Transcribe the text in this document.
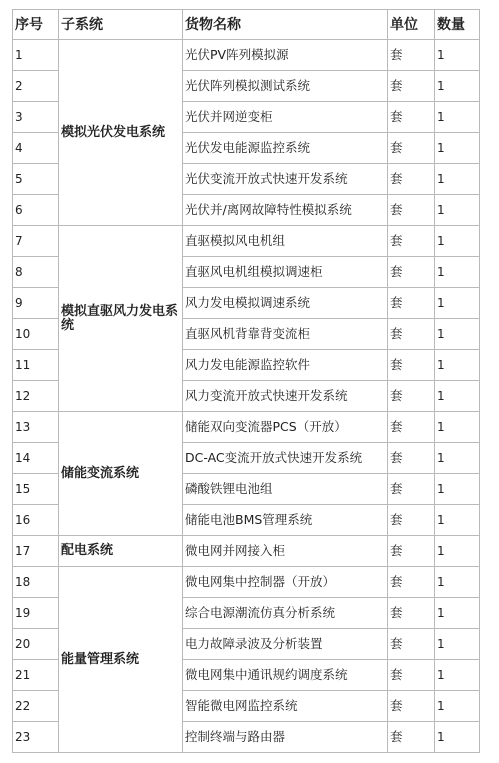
序号	子系统	货物名称	单位	数量
1	模拟光伏发电系统	光伏PV阵列模拟源	套	1
2		光伏阵列模拟测试系统	套	1
3		光伏并网逆变柜	套	1
4		光伏发电能源监控系统	套	1
5		光伏变流开放式快速开发系统	套	1
6		光伏并/离网故障特性模拟系统	套	1
7	模拟直驱风力发电系统	直驱模拟风电机组	套	1
8		直驱风电机组模拟调速柜	套	1
9		风力发电模拟调速系统	套	1
10		直驱风机背靠背变流柜	套	1
11		风力发电能源监控软件	套	1
12		风力变流开放式快速开发系统	套	1
13	储能变流系统	储能双向变流器PCS（开放）	套	1
14		DC-AC变流开放式快速开发系统	套	1
15		磷酸铁锂电池组	套	1
16		储能电池BMS管理系统	套	1
17	配电系统	微电网并网接入柜	套	1
18	能量管理系统	微电网集中控制器（开放）	套	1
19		综合电源潮流仿真分析系统	套	1
20		电力故障录波及分析装置	套	1
21		微电网集中通讯规约调度系统	套	1
22		智能微电网监控系统	套	1
23		控制终端与路由器	套	1
